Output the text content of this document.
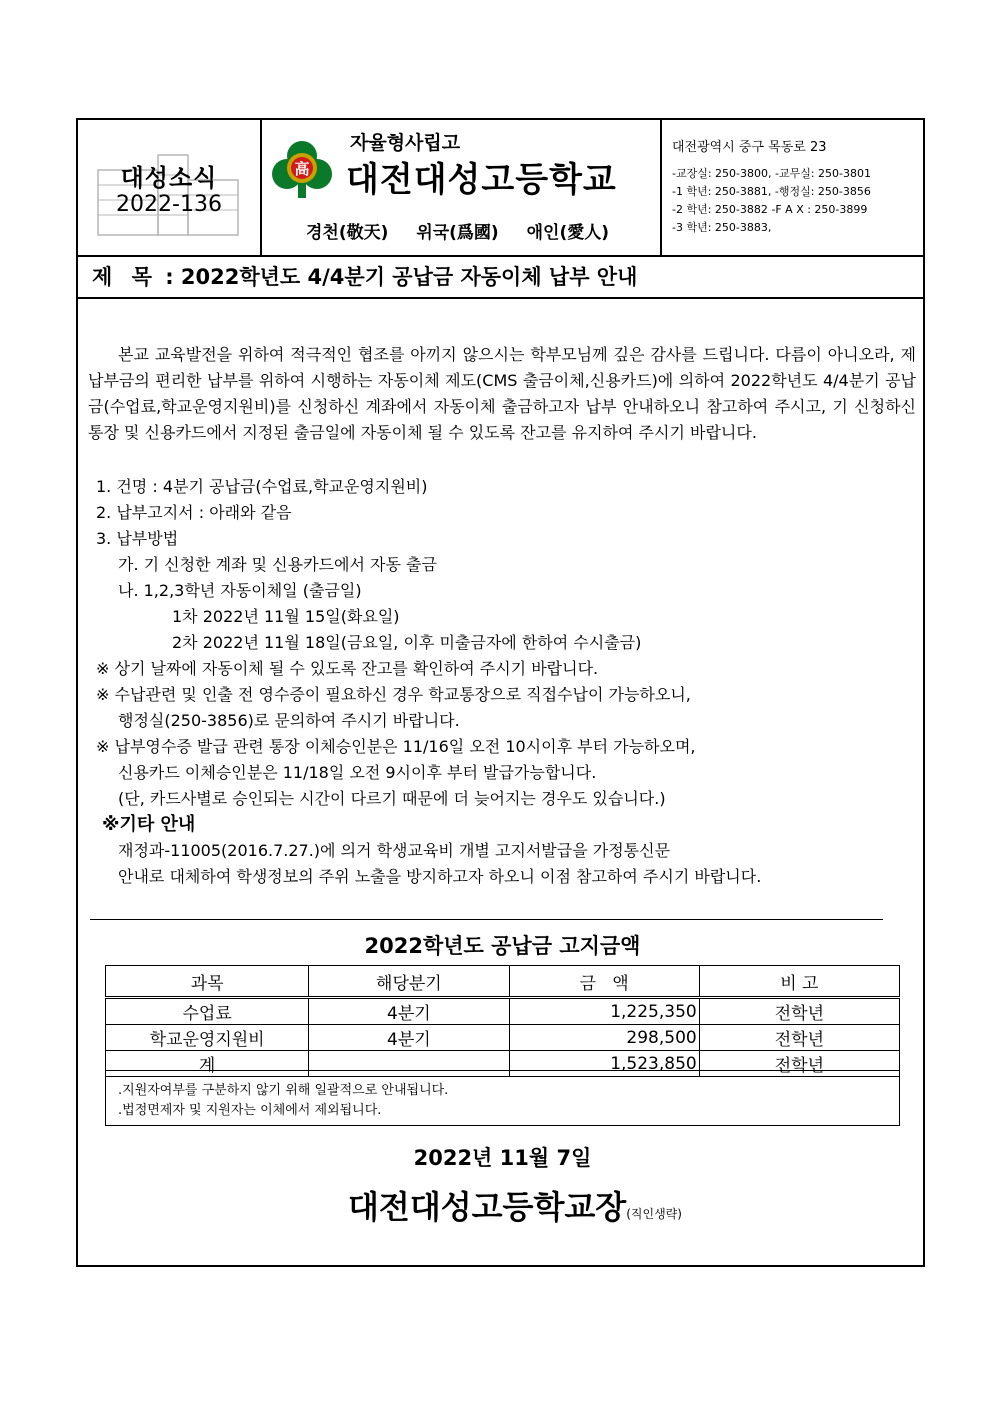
대성소식
2022-136
高
자율형사립고
대전대성고등학교
경천(敬天) 위국(爲國) 애인(愛人)
대전광역시 중구 목동로 23
-교장실: 250-3800, -교무실: 250-3801
-1 학년: 250-3881, -행정실: 250-3856
-2 학년: 250-3882 -F A X : 250-3899
-3 학년: 250-3883,
제 목 : 2022학년도 4/4분기 공납금 자동이체 납부 안내
본교 교육발전을 위하여 적극적인 협조를 아끼지 않으시는 학부모님께 깊은 감사를 드립니다. 다름이 아니오라, 제 납부금의 편리한 납부를 위하여 시행하는 자동이체 제도(CMS 출금이체,신용카드)에 의하여 2022학년도 4/4분기 공납금(수업료,학교운영지원비)를 신청하신 계좌에서 자동이체 출금하고자 납부 안내하오니 참고하여 주시고, 기 신청하신 통장 및 신용카드에서 지정된 출금일에 자동이체 될 수 있도록 잔고를 유지하여 주시기 바랍니다.
1. 건명 : 4분기 공납금(수업료,학교운영지원비)
2. 납부고지서 : 아래와 같음
3. 납부방법
가. 기 신청한 계좌 및 신용카드에서 자동 출금
나. 1,2,3학년 자동이체일 (출금일)
1차 2022년 11월 15일(화요일)
2차 2022년 11월 18일(금요일, 이후 미출금자에 한하여 수시출금)
※ 상기 날짜에 자동이체 될 수 있도록 잔고를 확인하여 주시기 바랍니다.
※ 수납관련 및 인출 전 영수증이 필요하신 경우 학교통장으로 직접수납이 가능하오니,
행정실(250-3856)로 문의하여 주시기 바랍니다.
※ 납부영수증 발급 관련 통장 이체승인분은 11/16일 오전 10시이후 부터 가능하오며,
신용카드 이체승인분은 11/18일 오전 9시이후 부터 발급가능합니다.
(단, 카드사별로 승인되는 시간이 다르기 때문에 더 늦어지는 경우도 있습니다.)
※기타 안내
재정과-11005(2016.7.27.)에 의거 학생교육비 개별 고지서발급을 가정통신문
안내로 대체하여 학생정보의 주위 노출을 방지하고자 하오니 이점 참고하여 주시기 바랍니다.
2022학년도 공납금 고지금액
과목	해당분기	금   액	비 고
수업료	4분기	1,225,350	전학년
학교운영지원비	4분기	298,500	전학년
계		1,523,850	전학년
.지원자여부를 구분하지 않기 위해 일괄적으로 안내됩니다.
.법정면제자 및 지원자는 이체에서 제외됩니다.
2022년 11월 7일
대전대성고등학교장(직인생략)
